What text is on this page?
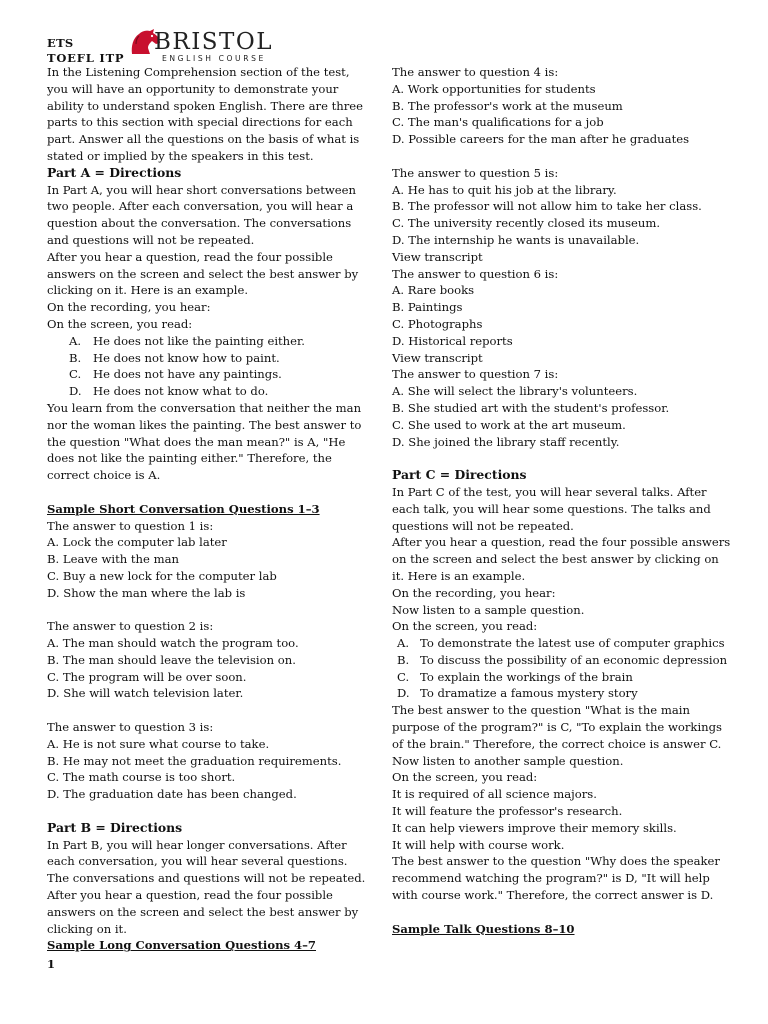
ETS
TOEFL ITP
BRISTOL
ENGLISH COURSE

In the Listening Comprehension section of the test, you will have an opportunity to demonstrate your ability to understand spoken English. There are three parts to this section with special directions for each part. Answer all the questions on the basis of what is stated or implied by the speakers in this test.

Part A = Directions

In Part A, you will hear short conversations between two people. After each conversation, you will hear a question about the conversation. The conversations and questions will not be repeated.

After you hear a question, read the four possible answers on the screen and select the best answer by clicking on it. Here is an example.

On the recording, you hear:

On the screen, you read:

A.	He does not like the painting either.
B.	He does not know how to paint.
C.	He does not have any paintings.
D. He does not know what to do.

You learn from the conversation that neither the man nor the woman likes the painting. The best answer to the question "What does the man mean?" is A, "He does not like the painting either." Therefore, the correct choice is A.

Sample Short Conversation Questions 1–3

The answer to question 1 is:

A. Lock the computer lab later

B. Leave with the man

C. Buy a new lock for the computer lab

D. Show the man where the lab is

The answer to question 2 is:

A. The man should watch the program too.

B. The man should leave the television on.

C. The program will be over soon.

D. She will watch television later.

The answer to question 3 is:

A. He is not sure what course to take.

B. He may not meet the graduation requirements.

C. The math course is too short.

D. The graduation date has been changed.

Part B = Directions

In Part B, you will hear longer conversations. After each conversation, you will hear several questions. The conversations and questions will not be repeated.

After you hear a question, read the four possible answers on the screen and select the best answer by clicking on it.

Sample Long Conversation Questions 4–7

The answer to question 4 is:

A. Work opportunities for students

B. The professor's work at the museum

C. The man's qualifications for a job

D. Possible careers for the man after he graduates

The answer to question 5 is:

A. He has to quit his job at the library.

B. The professor will not allow him to take her class.

C. The university recently closed its museum.

D. The internship he wants is unavailable.

View transcript

The answer to question 6 is:

A. Rare books

B. Paintings

C. Photographs

D. Historical reports

View transcript

The answer to question 7 is:

A. She will select the library's volunteers.

B. She studied art with the student's professor.

C. She used to work at the art museum.

D. She joined the library staff recently.

Part C = Directions

In Part C of the test, you will hear several talks. After each talk, you will hear some questions. The talks and questions will not be repeated.

After you hear a question, read the four possible answers on the screen and select the best answer by clicking on it. Here is an example.

On the recording, you hear:

Now listen to a sample question.

On the screen, you read:

A. To demonstrate the latest use of computer graphics
B. To discuss the possibility of an economic depression
C. To explain the workings of the brain
D. To dramatize a famous mystery story

The best answer to the question "What is the main purpose of the program?" is C, "To explain the workings of the brain." Therefore, the correct choice is answer C.

Now listen to another sample question.

On the screen, you read:

It is required of all science majors.

It will feature the professor's research.

It can help viewers improve their memory skills.

It will help with course work.

The best answer to the question "Why does the speaker recommend watching the program?" is D, "It will help with course work." Therefore, the correct answer is D.

Sample Talk Questions 8–10

1
